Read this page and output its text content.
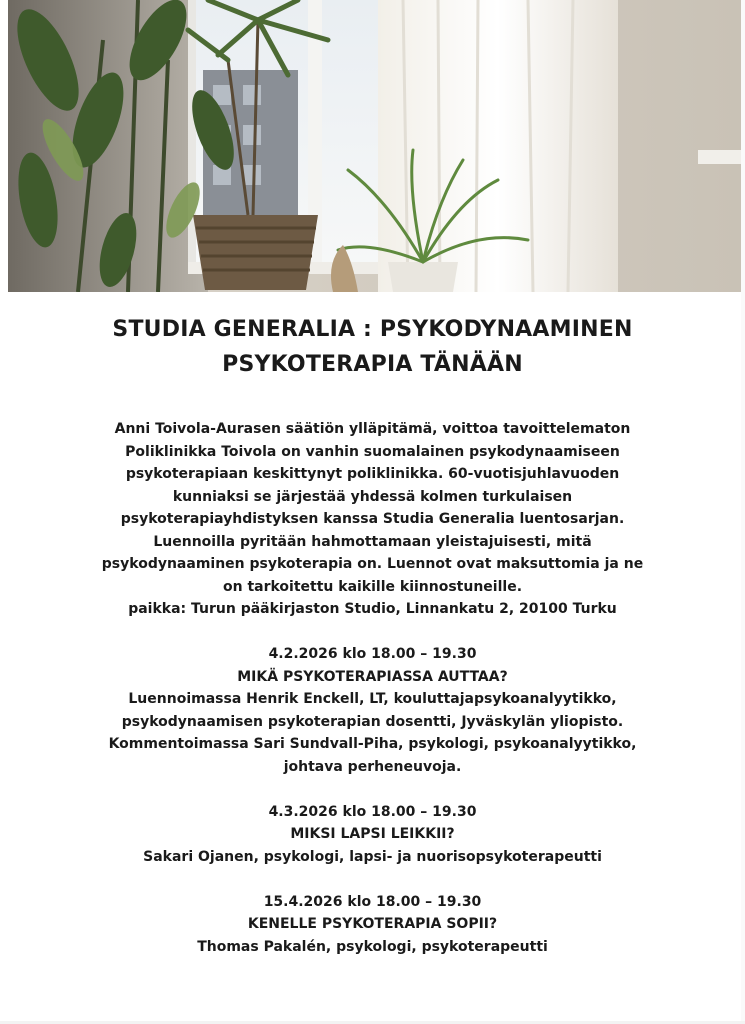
STUDIA GENERALIA : PSYKODYNAAMINEN
PSYKOTERAPIA TÄNÄÄN
Anni Toivola-Aurasen säätiön ylläpitämä, voittoa tavoittelematon
Poliklinikka Toivola on vanhin suomalainen psykodynaamiseen
psykoterapiaan keskittynyt poliklinikka. 60-vuotisjuhlavuoden
kunniaksi se järjestää yhdessä kolmen turkulaisen
psykoterapiayhdistyksen kanssa Studia Generalia luentosarjan.
Luennoilla pyritään hahmottamaan yleistajuisesti, mitä
psykodynaaminen psykoterapia on. Luennot ovat maksuttomia ja ne
on tarkoitettu kaikille kiinnostuneille.
paikka: Turun pääkirjaston Studio, Linnankatu 2, 20100 Turku
4.2.2026 klo 18.00 – 19.30
MIKÄ PSYKOTERAPIASSA AUTTAA?
Luennoimassa Henrik Enckell, LT, kouluttajapsykoanalyytikko,
psykodynaamisen psykoterapian dosentti, Jyväskylän yliopisto.
Kommentoimassa Sari Sundvall-Piha, psykologi, psykoanalyytikko,
johtava perheneuvoja.
4.3.2026 klo 18.00 – 19.30
MIKSI LAPSI LEIKKII?
Sakari Ojanen, psykologi, lapsi- ja nuorisopsykoterapeutti
15.4.2026 klo 18.00 – 19.30
KENELLE PSYKOTERAPIA SOPII?
Thomas Pakalén, psykologi, psykoterapeutti
